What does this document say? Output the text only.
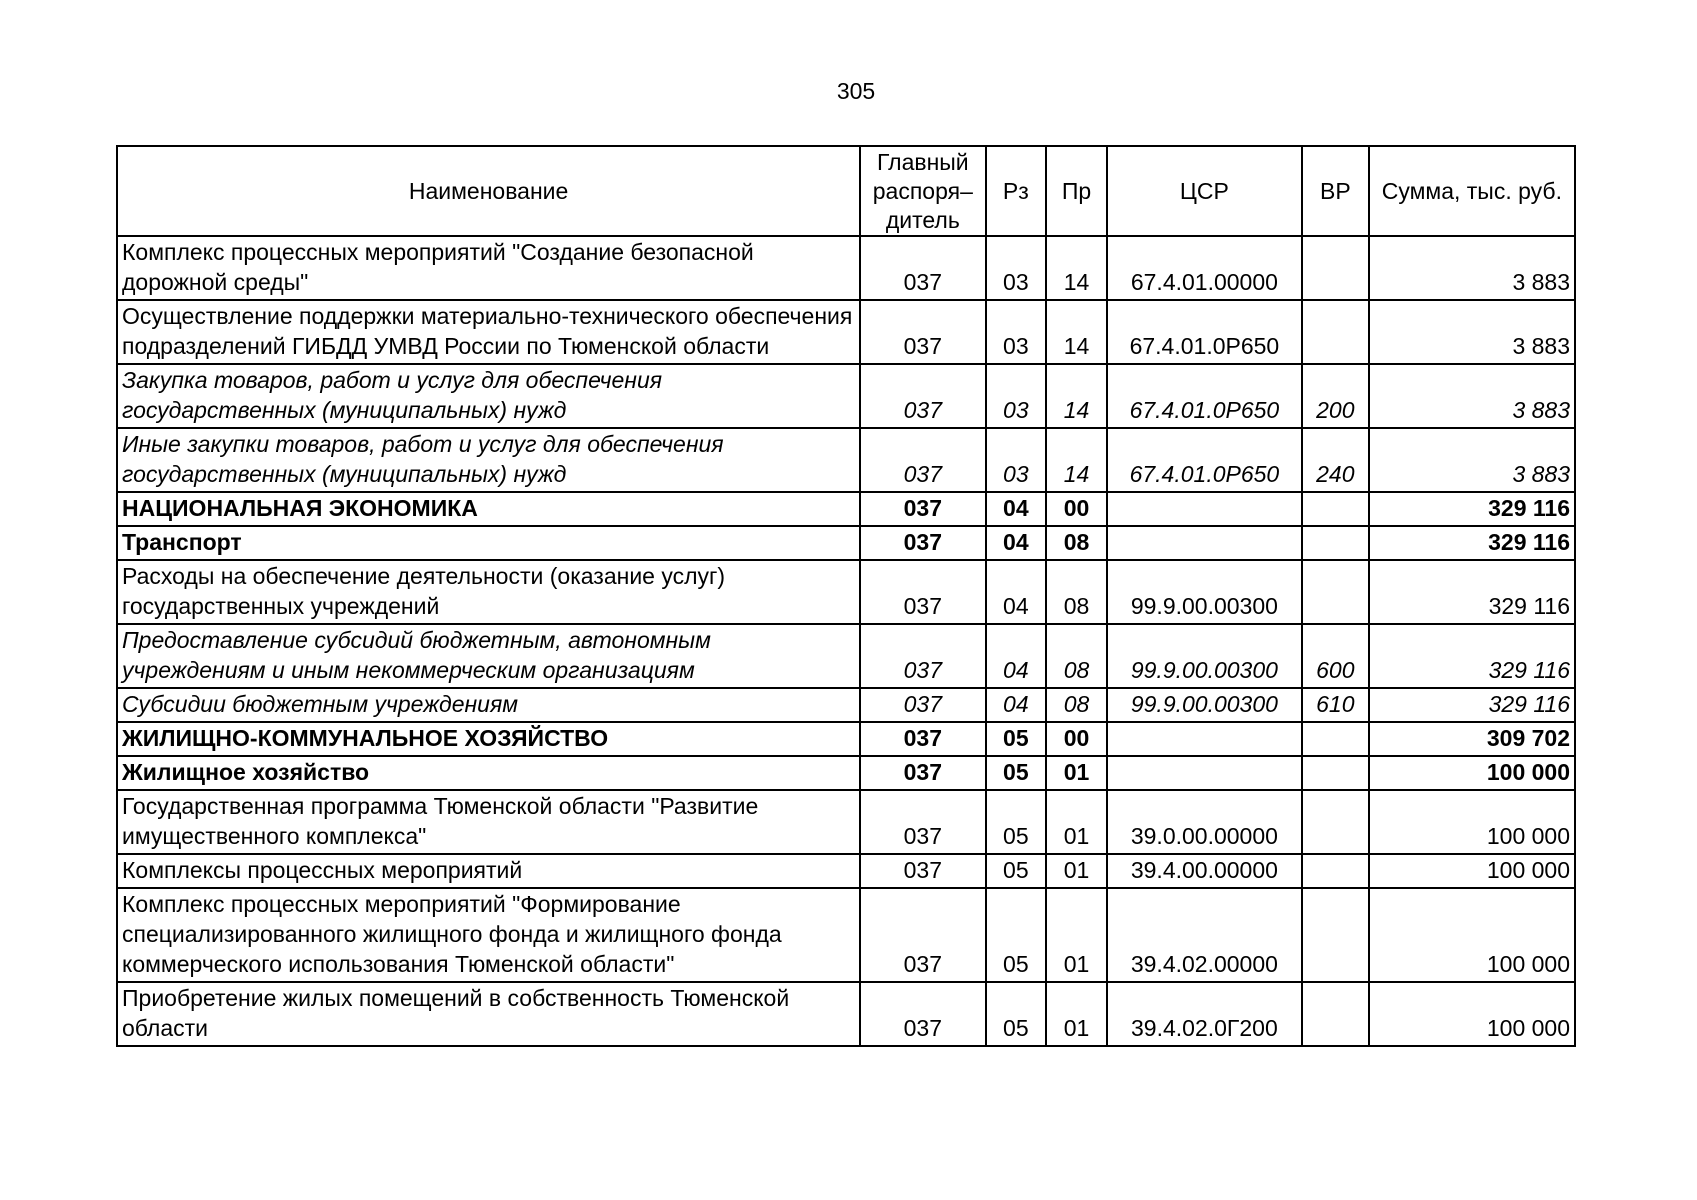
305
Наименование	Главный распоря– дитель	Рз	Пр	ЦСР	ВР	Сумма, тыс. руб.
Комплекс процессных мероприятий "Создание безопасной дорожной среды"	037	03	14	67.4.01.00000		3 883
Осуществление поддержки материально-технического обеспечения подразделений ГИБДД УМВД России по Тюменской области	037	03	14	67.4.01.0Р650		3 883
Закупка товаров, работ и услуг для обеспечения государственных (муниципальных) нужд	037	03	14	67.4.01.0Р650	200	3 883
Иные закупки товаров, работ и услуг для обеспечения государственных (муниципальных) нужд	037	03	14	67.4.01.0Р650	240	3 883
НАЦИОНАЛЬНАЯ ЭКОНОМИКА	037	04	00			329 116
Транспорт	037	04	08			329 116
Расходы на обеспечение деятельности (оказание услуг) государственных учреждений	037	04	08	99.9.00.00300		329 116
Предоставление субсидий бюджетным, автономным учреждениям и иным некоммерческим организациям	037	04	08	99.9.00.00300	600	329 116
Субсидии бюджетным учреждениям	037	04	08	99.9.00.00300	610	329 116
ЖИЛИЩНО-КОММУНАЛЬНОЕ ХОЗЯЙСТВО	037	05	00			309 702
Жилищное хозяйство	037	05	01			100 000
Государственная программа Тюменской области "Развитие имущественного комплекса"	037	05	01	39.0.00.00000		100 000
Комплексы процессных мероприятий	037	05	01	39.4.00.00000		100 000
Комплекс процессных мероприятий "Формирование специализированного жилищного фонда и жилищного фонда коммерческого использования Тюменской области"	037	05	01	39.4.02.00000		100 000
Приобретение жилых помещений в собственность Тюменской области	037	05	01	39.4.02.0Г200		100 000
